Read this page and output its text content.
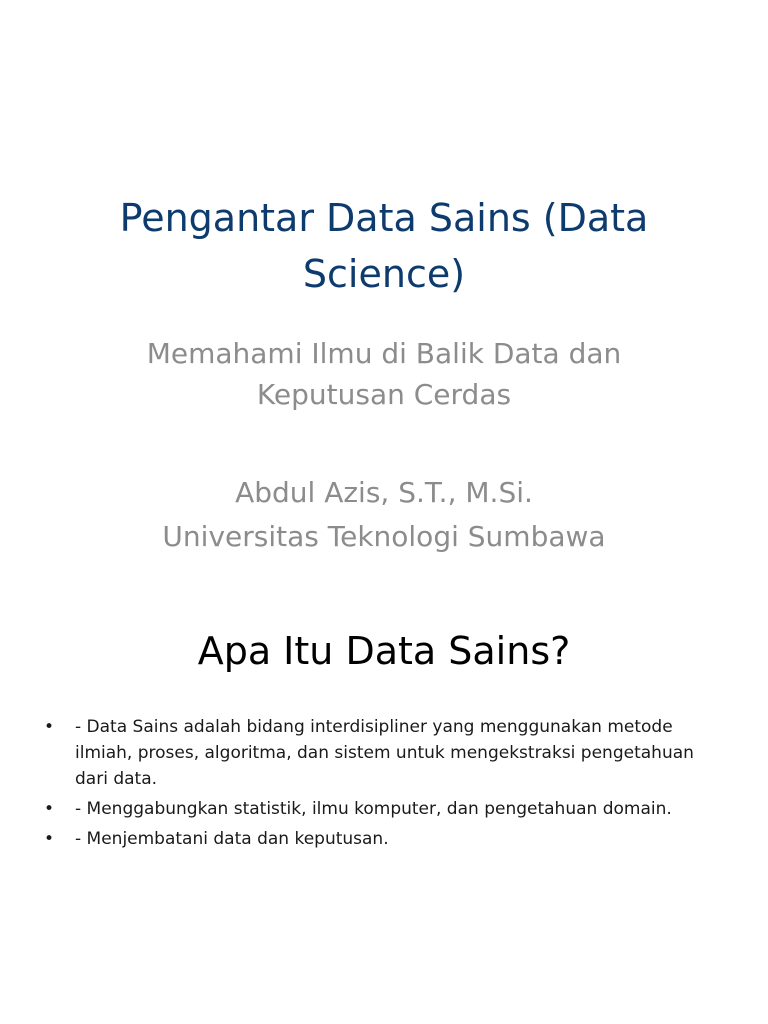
Pengantar Data Sains (Data Science)

Memahami Ilmu di Balik Data dan Keputusan Cerdas

Abdul Azis, S.T., M.Si.

Universitas Teknologi Sumbawa

Apa Itu Data Sains?
• - Data Sains adalah bidang interdisipliner yang menggunakan metode ilmiah, proses, algoritma, dan sistem untuk mengekstraksi pengetahuan dari data.
• - Menggabungkan statistik, ilmu komputer, dan pengetahuan domain.
• - Menjembatani data dan keputusan.
